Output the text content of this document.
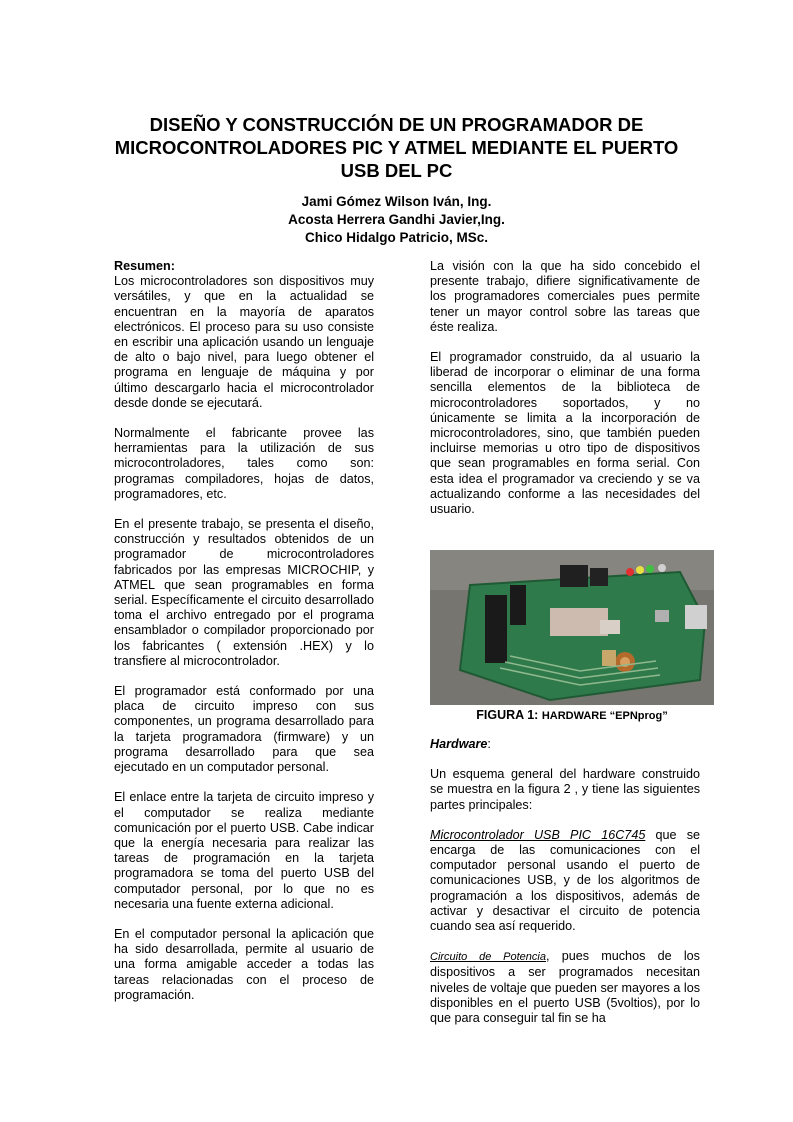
DISEÑO Y CONSTRUCCIÓN DE UN PROGRAMADOR DE
MICROCONTROLADORES PIC Y ATMEL MEDIANTE EL PUERTO
USB DEL PC
Jami Gómez Wilson Iván, Ing.
Acosta Herrera Gandhi Javier,Ing.
Chico Hidalgo Patricio, MSc.

Resumen:
Los microcontroladores son dispositivos muy versátiles, y que en la actualidad se encuentran en la mayoría de aparatos electrónicos. El proceso para su uso consiste en escribir una aplicación usando un lenguaje de alto o bajo nivel, para luego obtener el programa en lenguaje de máquina y por último descargarlo hacia el microcontrolador desde donde se ejecutará.

Normalmente el fabricante provee las herramientas para la utilización de sus microcontroladores, tales como son: programas compiladores, hojas de datos, programadores, etc.

En el presente trabajo, se presenta el diseño, construcción y resultados obtenidos de un programador de microcontroladores fabricados por las empresas MICROCHIP, y ATMEL que sean programables en forma serial. Específicamente el circuito desarrollado toma el archivo entregado por el programa ensamblador o compilador proporcionado por los fabricantes ( extensión .HEX) y lo transfiere al microcontrolador.

El programador está conformado por una placa de circuito impreso con sus componentes, un programa desarrollado para la tarjeta programadora (firmware) y un programa desarrollado para que sea ejecutado en un computador personal.

El enlace entre la tarjeta de circuito impreso y el computador se realiza mediante comunicación por el puerto USB. Cabe indicar que la energía necesaria para realizar las tareas de programación en la tarjeta programadora se toma del puerto USB del computador personal, por lo que no es necesaria una fuente externa adicional.

En el computador personal la aplicación que ha sido desarrollada, permite al usuario de una forma amigable acceder a todas las tareas relacionadas con el proceso de programación.

La visión con la que ha sido concebido el presente trabajo, difiere significativamente de los programadores comerciales pues permite tener un mayor control sobre las tareas que éste realiza.

El programador construido, da al usuario la liberad de incorporar o eliminar de una forma sencilla elementos de la biblioteca de microcontroladores soportados, y no únicamente se limita a la incorporación de microcontroladores, sino, que también pueden incluirse memorias u otro tipo de dispositivos que sean programables en forma serial. Con esta idea el programador va creciendo y se va actualizando conforme a las necesidades del usuario.

FIGURA 1: HARDWARE “EPNprog”

Hardware:

Un esquema general del hardware construido se muestra en la figura 2 , y tiene las siguientes partes principales:

Microcontrolador USB PIC 16C745 que se encarga de las comunicaciones con el computador personal usando el puerto de comunicaciones USB, y de los algoritmos de programación a los dispositivos, además de activar y desactivar el circuito de potencia cuando sea así requerido.

Circuito de Potencia, pues muchos de los dispositivos a ser programados necesitan niveles de voltaje que pueden ser mayores a los disponibles en el puerto USB (5voltios), por lo que para conseguir tal fin se ha
